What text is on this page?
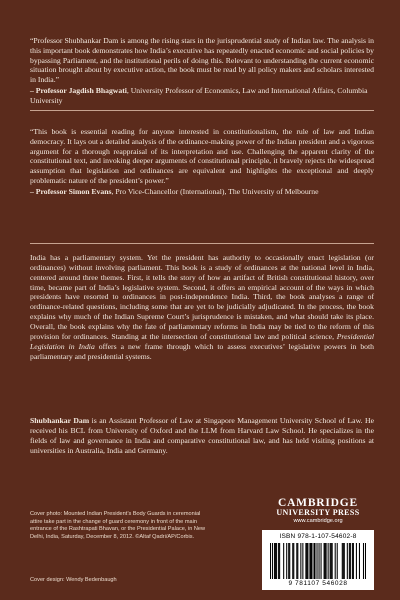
“Professor Shubhankar Dam is among the rising stars in the jurisprudential study of Indian law. The analysis in this important book demonstrates how India’s executive has repeatedly enacted economic and social policies by bypassing Parliament, and the institutional perils of doing this. Relevant to understanding the current economic situation brought about by executive action, the book must be read by all policy makers and scholars interested in India.”
– Professor Jagdish Bhagwati, University Professor of Economics, Law and International Affairs, Columbia University
“This book is essential reading for anyone interested in constitutionalism, the rule of law and Indian democracy. It lays out a detailed analysis of the ordinance-making power of the Indian president and a vigorous argument for a thorough reappraisal of its interpretation and use. Challenging the apparent clarity of the constitutional text, and invoking deeper arguments of constitutional principle, it bravely rejects the widespread assumption that legislation and ordinances are equivalent and highlights the exceptional and deeply problematic nature of the president’s power.”
– Professor Simon Evans, Pro Vice-Chancellor (International), The University of Melbourne

India has a parliamentary system. Yet the president has authority to occasionally enact legislation (or ordinances) without involving parliament. This book is a study of ordinances at the national level in India, centered around three themes. First, it tells the story of how an artifact of British constitutional history, over time, became part of India’s legislative system. Second, it offers an empirical account of the ways in which presidents have resorted to ordinances in post-independence India. Third, the book analyses a range of ordinance-related questions, including some that are yet to be judicially adjudicated. In the process, the book explains why much of the Indian Supreme Court’s jurisprudence is mistaken, and what should take its place. Overall, the book explains why the fate of parliamentary reforms in India may be tied to the reform of this provision for ordinances. Standing at the intersection of constitutional law and political science, Presidential Legislation in India offers a new frame through which to assess executives’ legislative powers in both parliamentary and presidential systems.

Shubhankar Dam is an Assistant Professor of Law at Singapore Management University School of Law. He received his BCL from University of Oxford and the LLM from Harvard Law School. He specializes in the fields of law and governance in India and comparative constitutional law, and has held visiting positions at universities in Australia, India and Germany.
Cover photo: Mounted Indian President’s Body Guards in ceremonial attire take part in the change of guard ceremony in front of the main entrance of the Rashtrapati Bhavan, or the Presidential Palace, in New Delhi, India, Saturday, December 8, 2012. ©Altaf Qadri/AP/Corbis.
Cover design: Wendy Bedenbaugh
CAMBRIDGE
UNIVERSITY PRESS
www.cambridge.org
ISBN 978-1-107-54602-8
9 781107 546028
